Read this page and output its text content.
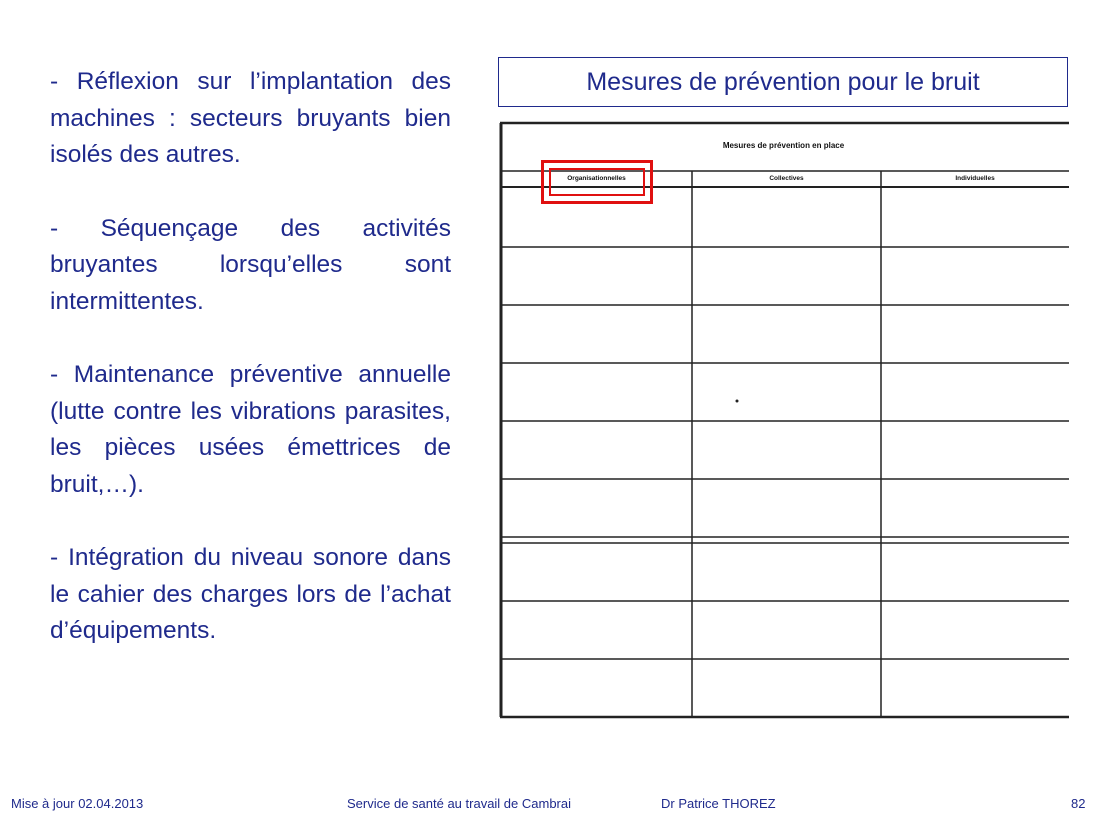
- Réflexion sur l’implantation des machines : secteurs bruyants bien isolés des autres.

- Séquençage des activités bruyantes lorsqu’elles sont intermittentes.

- Maintenance préventive annuelle (lutte contre les vibrations parasites, les pièces usées émettrices de bruit,…).

- Intégration du niveau sonore dans le cahier des charges lors de l’achat d’équipements.

Mesures de prévention pour le bruit
Mesures de prévention en place
Organisationnelles	Collectives	Individuelles
Mise à jour 02.04.2013	Service de santé au travail de Cambrai	Dr Patrice THOREZ	82
